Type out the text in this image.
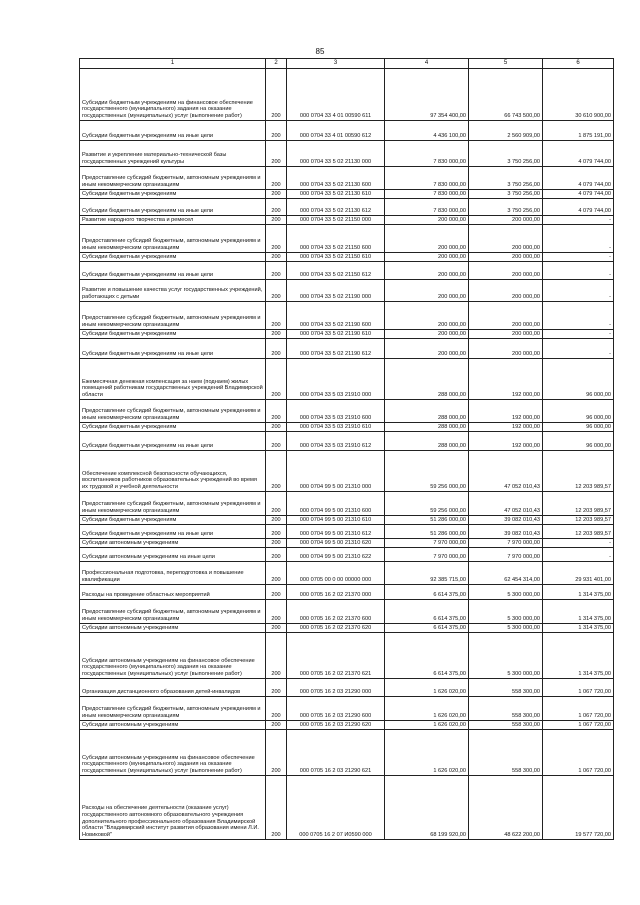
85
1	2	3	4	5	6
Субсидии бюджетным учреждениям на финансовое обеспечение государственного (муниципального) задания на оказание государственных (муниципальных) услуг (выполнение работ)	200	000 0704 33 4 01 00590 611	97 354 400,00	66 743 500,00	30 610 900,00
Субсидии бюджетным учреждениям на иные цели	200	000 0704 33 4 01 00590 612	4 436 100,00	2 560 909,00	1 875 191,00
Развитие и укрепление материально-технической базы государственных учреждений культуры	200	000 0704 33 5 02 21130 000	7 830 000,00	3 750 256,00	4 079 744,00
Предоставление субсидий бюджетным, автономным учреждениям и иным некоммерческим организациям	200	000 0704 33 5 02 21130 600	7 830 000,00	3 750 256,00	4 079 744,00
Субсидии бюджетным учреждениям	200	000 0704 33 5 02 21130 610	7 830 000,00	3 750 256,00	4 079 744,00
Субсидии бюджетным учреждениям на иные цели	200	000 0704 33 5 02 21130 612	7 830 000,00	3 750 256,00	4 079 744,00
Развитие народного творчества и ремесел	200	000 0704 33 5 02 21150 000	200 000,00	200 000,00	-
Предоставление субсидий бюджетным, автономным учреждениям и иным некоммерческим организациям	200	000 0704 33 5 02 21150 600	200 000,00	200 000,00	-
Субсидии бюджетным учреждениям	200	000 0704 33 5 02 21150 610	200 000,00	200 000,00	-
Субсидии бюджетным учреждениям на иные цели	200	000 0704 33 5 02 21150 612	200 000,00	200 000,00	-
Развитие и повышение качества услуг государственных учреждений, работающих с детьми	200	000 0704 33 5 02 21190 000	200 000,00	200 000,00	-
Предоставление субсидий бюджетным, автономным учреждениям и иным некоммерческим организациям	200	000 0704 33 5 02 21190 600	200 000,00	200 000,00	-
Субсидии бюджетным учреждениям	200	000 0704 33 5 02 21190 610	200 000,00	200 000,00	-
Субсидии бюджетным учреждениям на иные цели	200	000 0704 33 5 02 21190 612	200 000,00	200 000,00	-
Ежемесячная денежная компенсация за наем (поднаем) жилых помещений работникам государственных учреждений Владимирской области	200	000 0704 33 5 03 21910 000	288 000,00	192 000,00	96 000,00
Предоставление субсидий бюджетным, автономным учреждениям и иным некоммерческим организациям	200	000 0704 33 5 03 21910 600	288 000,00	192 000,00	96 000,00
Субсидии бюджетным учреждениям	200	000 0704 33 5 03 21910 610	288 000,00	192 000,00	96 000,00
Субсидии бюджетным учреждениям на иные цели	200	000 0704 33 5 03 21910 612	288 000,00	192 000,00	96 000,00
Обеспечение комплексной безопасности обучающихся, воспитанников работников образовательных учреждений во время их трудовой и учебной деятельности	200	000 0704 99 5 00 21310 000	59 256 000,00	47 052 010,43	12 203 989,57
Предоставление субсидий бюджетным, автономным учреждениям и иным некоммерческим организациям	200	000 0704 99 5 00 21310 600	59 256 000,00	47 052 010,43	12 203 989,57
Субсидии бюджетным учреждениям	200	000 0704 99 5 00 21310 610	51 286 000,00	39 082 010,43	12 203 989,57
Субсидии бюджетным учреждениям на иные цели	200	000 0704 99 5 00 21310 612	51 286 000,00	39 082 010,43	12 203 989,57
Субсидии автономным учреждениям	200	000 0704 99 5 00 21310 620	7 970 000,00	7 970 000,00	-
Субсидии автономным учреждениям на иные цели	200	000 0704 99 5 00 21310 622	7 970 000,00	7 970 000,00	-
Профессиональная подготовка, переподготовка и повышение квалификации	200	000 0705 00 0 00 00000 000	92 385 715,00	62 454 314,00	29 931 401,00
Расходы на проведение областных мероприятий	200	000 0705 16 2 02 21370 000	6 614 375,00	5 300 000,00	1 314 375,00
Предоставление субсидий бюджетным, автономным учреждениям и иным некоммерческим организациям	200	000 0705 16 2 02 21370 600	6 614 375,00	5 300 000,00	1 314 375,00
Субсидии автономным учреждениям	200	000 0705 16 2 02 21370 620	6 614 375,00	5 300 000,00	1 314 375,00
Субсидии автономным учреждениям на финансовое обеспечение государственного (муниципального) задания на оказание государственных (муниципальных) услуг (выполнение работ)	200	000 0705 16 2 02 21370 621	6 614 375,00	5 300 000,00	1 314 375,00
Организация дистанционного образования детей-инвалидов	200	000 0705 16 2 03 21290 000	1 626 020,00	558 300,00	1 067 720,00
Предоставление субсидий бюджетным, автономным учреждениям и иным некоммерческим организациям	200	000 0705 16 2 03 21290 600	1 626 020,00	558 300,00	1 067 720,00
Субсидии автономным учреждениям	200	000 0705 16 2 03 21290 620	1 626 020,00	558 300,00	1 067 720,00
Субсидии автономным учреждениям на финансовое обеспечение государственного (муниципального) задания на оказание государственных (муниципальных) услуг (выполнение работ)	200	000 0705 16 2 03 21290 621	1 626 020,00	558 300,00	1 067 720,00
Расходы на обеспечение деятельности (оказание услуг) государственного автономного образовательного учреждения дополнительного профессионального образования Владимирской области "Владимирский институт развития образования имени Л.И. Новиковой"	200	000 0705 16 2 07 И0590 000	68 199 920,00	48 622 200,00	19 577 720,00
